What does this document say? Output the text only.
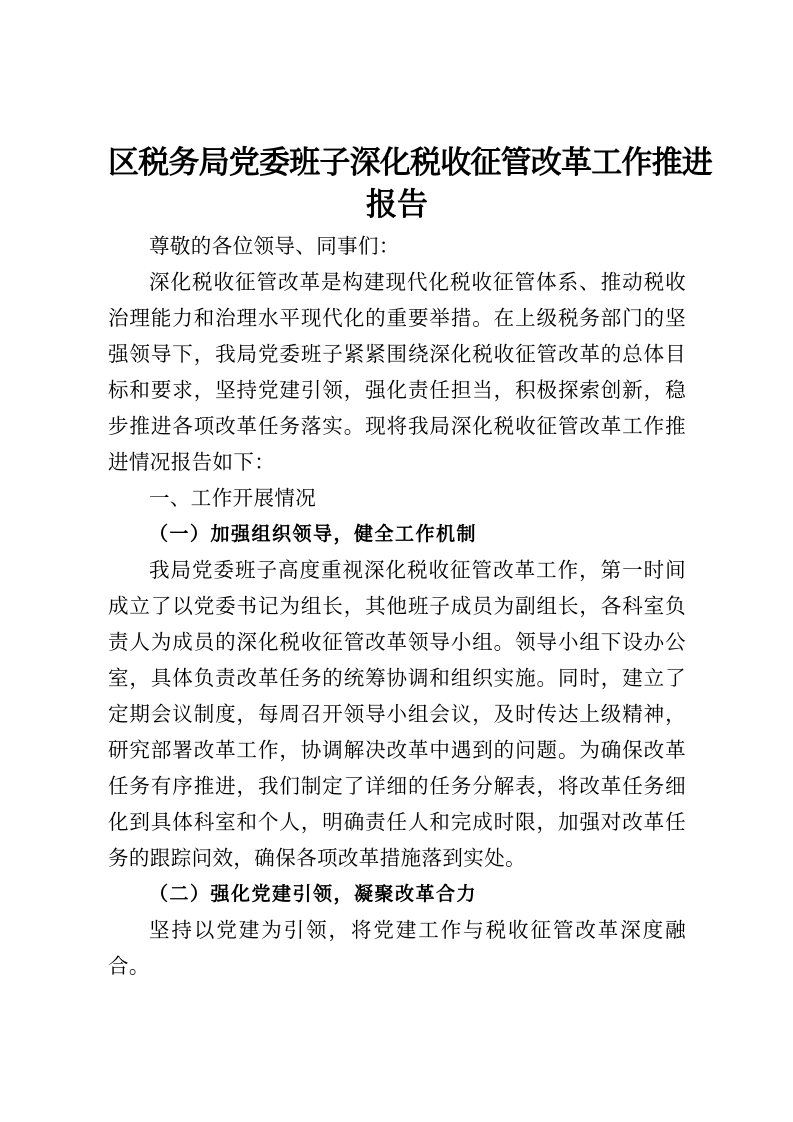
区税务局党委班子深化税收征管改革工作推进
报告

尊敬的各位领导、同事们：

深化税收征管改革是构建现代化税收征管体系、推动税收治理能力和治理水平现代化的重要举措。在上级税务部门的坚强领导下，我局党委班子紧紧围绕深化税收征管改革的总体目标和要求，坚持党建引领，强化责任担当，积极探索创新，稳步推进各项改革任务落实。现将我局深化税收征管改革工作推进情况报告如下：

一、工作开展情况

（一）加强组织领导，健全工作机制

我局党委班子高度重视深化税收征管改革工作，第一时间成立了以党委书记为组长，其他班子成员为副组长，各科室负责人为成员的深化税收征管改革领导小组。领导小组下设办公室，具体负责改革任务的统筹协调和组织实施。同时，建立了定期会议制度，每周召开领导小组会议，及时传达上级精神，研究部署改革工作，协调解决改革中遇到的问题。为确保改革任务有序推进，我们制定了详细的任务分解表，将改革任务细化到具体科室和个人，明确责任人和完成时限，加强对改革任务的跟踪问效，确保各项改革措施落到实处。

（二）强化党建引领，凝聚改革合力

坚持以党建为引领，将党建工作与税收征管改革深度融合。
